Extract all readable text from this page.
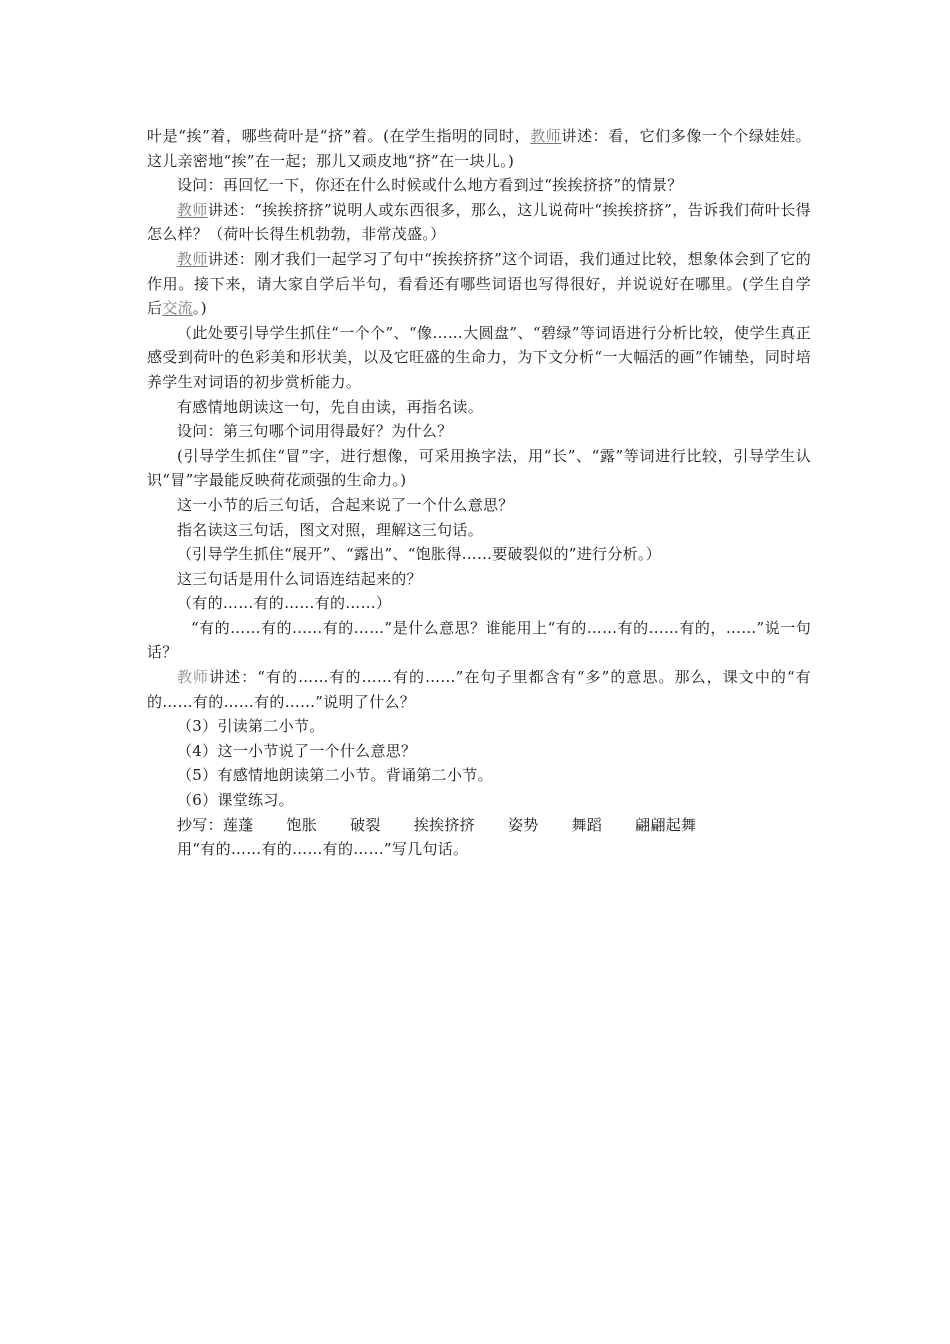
叶是“挨”着，哪些荷叶是“挤”着。(在学生指明的同时，教师讲述：看，它们多像一个个绿娃娃。这儿亲密地“挨”在一起；那儿又顽皮地“挤”在一块儿。)

设问：再回忆一下，你还在什么时候或什么地方看到过“挨挨挤挤”的情景？

教师讲述：“挨挨挤挤”说明人或东西很多，那么，这儿说荷叶“挨挨挤挤”，告诉我们荷叶长得怎么样？（荷叶长得生机勃勃，非常茂盛。）

教师讲述：刚才我们一起学习了句中“挨挨挤挤”这个词语，我们通过比较，想象体会到了它的作用。接下来，请大家自学后半句，看看还有哪些词语也写得很好，并说说好在哪里。(学生自学后交流。)

（此处要引导学生抓住“一个个”、“像……大圆盘”、“碧绿”等词语进行分析比较，使学生真正感受到荷叶的色彩美和形状美，以及它旺盛的生命力，为下文分析“一大幅活的画”作铺垫，同时培养学生对词语的初步赏析能力。

有感情地朗读这一句，先自由读，再指名读。

设问：第三句哪个词用得最好？为什么？

(引导学生抓住“冒”字，进行想像，可采用换字法，用“长”、“露”等词进行比较，引导学生认识“冒”字最能反映荷花顽强的生命力。)

这一小节的后三句话，合起来说了一个什么意思？

指名读这三句话，图文对照，理解这三句话。

（引导学生抓住“展开”、“露出”、“饱胀得……要破裂似的”进行分析。）

这三句话是用什么词语连结起来的？

（有的……有的……有的……）

“有的……有的……有的……”是什么意思？谁能用上“有的……有的……有的，……”说一句话？

教师讲述：“有的……有的……有的……”在句子里都含有“多”的意思。那么，课文中的“有的……有的……有的……”说明了什么？

（3）引读第二小节。

（4）这一小节说了一个什么意思？

（5）有感情地朗读第二小节。背诵第二小节。

（6）课堂练习。

抄写： 莲蓬 饱胀 破裂 挨挨挤挤 姿势 舞蹈 翩翩起舞

用“有的……有的……有的……”写几句话。
